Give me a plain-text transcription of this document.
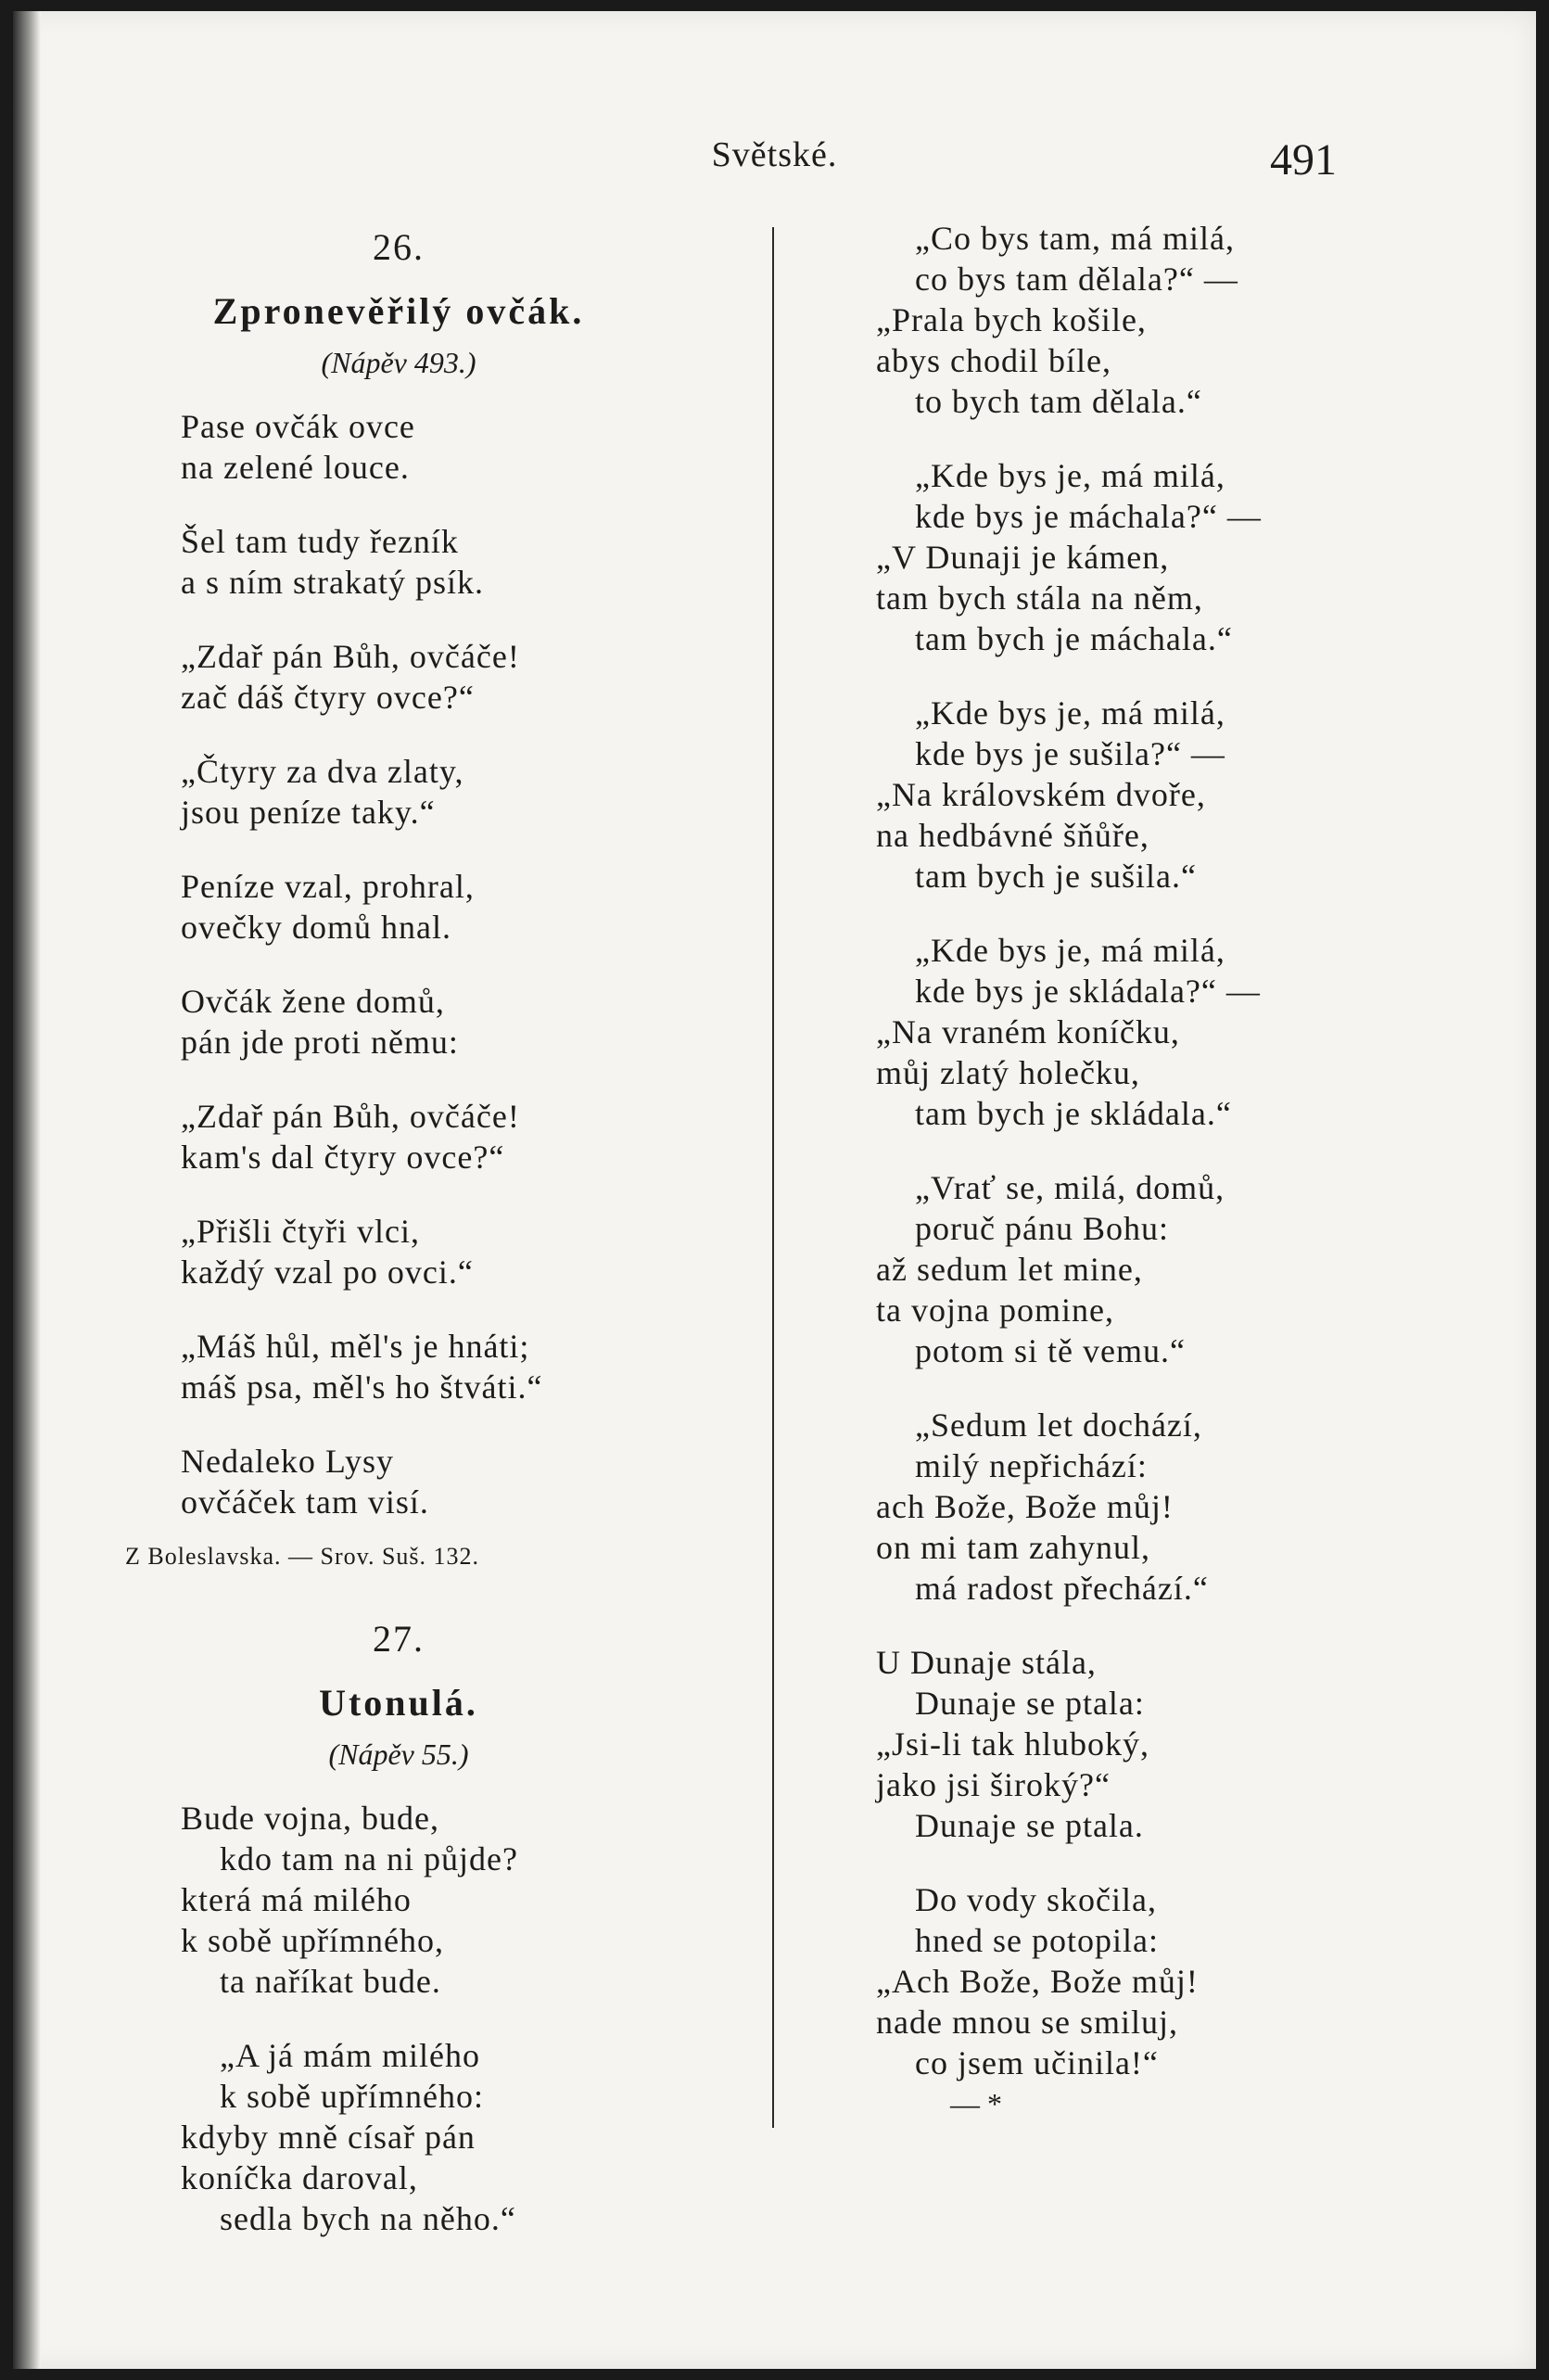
Světské.	491
26.
Zpronevěřilý ovčák.
(Nápěv 493.)
Pase ovčák ovce
na zelené louce.
Šel tam tudy řezník
a s ním strakatý psík.
„Zdař pán Bůh, ovčáče!
zač dáš čtyry ovce?“
„Čtyry za dva zlaty,
jsou peníze taky.“
Peníze vzal, prohral,
ovečky domů hnal.
Ovčák žene domů,
pán jde proti němu:
„Zdař pán Bůh, ovčáče!
kam's dal čtyry ovce?“
„Přišli čtyři vlci,
každý vzal po ovci.“
„Máš hůl, měl's je hnáti;
máš psa, měl's ho štváti.“
Nedaleko Lysy
ovčáček tam visí.
Z Boleslavska. — Srov. Suš. 132.
27.
Utonulá.
(Nápěv 55.)
Bude vojna, bude,
kdo tam na ni půjde?
která má milého
k sobě upřímného,
ta naříkat bude.
„A já mám milého
k sobě upřímného:
kdyby mně císař pán
koníčka daroval,
sedla bych na něho.“
„Co bys tam, má milá,
co bys tam dělala?“ —
„Prala bych košile,
abys chodil bíle,
to bych tam dělala.“
„Kde bys je, má milá,
kde bys je máchala?“ —
„V Dunaji je kámen,
tam bych stála na něm,
tam bych je máchala.“
„Kde bys je, má milá,
kde bys je sušila?“ —
„Na královském dvoře,
na hedbávné šňůře,
tam bych je sušila.“
„Kde bys je, má milá,
kde bys je skládala?“ —
„Na vraném koníčku,
můj zlatý holečku,
tam bych je skládala.“
„Vrať se, milá, domů,
poruč pánu Bohu:
až sedum let mine,
ta vojna pomine,
potom si tě vemu.“
„Sedum let dochází,
milý nepřichází:
ach Bože, Bože můj!
on mi tam zahynul,
má radost přechází.“
U Dunaje stála,
Dunaje se ptala:
„Jsi-li tak hluboký,
jako jsi široký?“
Dunaje se ptala.
Do vody skočila,
hned se potopila:
„Ach Bože, Bože můj!
nade mnou se smiluj,
co jsem učinila!“
— *
